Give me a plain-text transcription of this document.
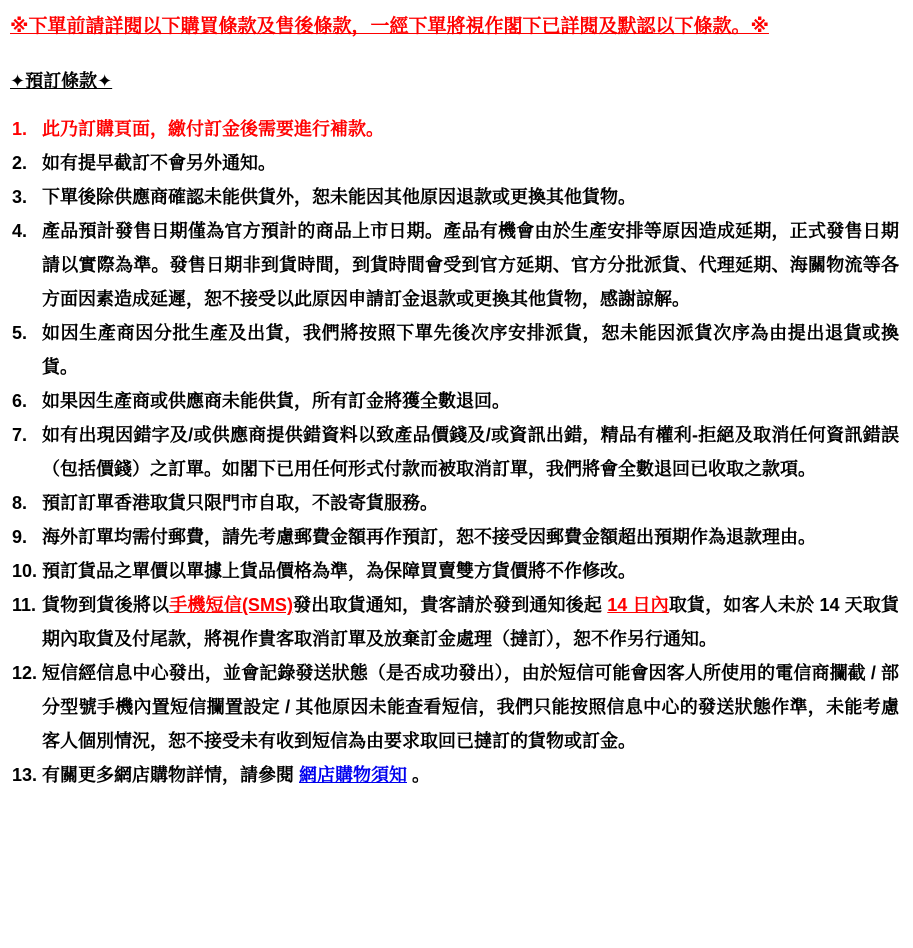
※下單前請詳閱以下購買條款及售後條款，一經下單將視作閣下已詳閱及默認以下條款。※
✦預訂條款✦
1. 此乃訂購頁面，繳付訂金後需要進行補款。
2. 如有提早截訂不會另外通知。
3. 下單後除供應商確認未能供貨外，恕未能因其他原因退款或更換其他貨物。
4. 產品預計發售日期僅為官方預計的商品上市日期。產品有機會由於生產安排等原因造成延期，正式發售日期請以實際為準。發售日期非到貨時間，到貨時間會受到官方延期、官方分批派貨、代理延期、海關物流等各方面因素造成延遲，恕不接受以此原因申請訂金退款或更換其他貨物，感謝諒解。
5. 如因生產商因分批生產及出貨，我們將按照下單先後次序安排派貨，恕未能因派貨次序為由提出退貨或換貨。
6. 如果因生產商或供應商未能供貨，所有訂金將獲全數退回。
7. 如有出現因錯字及/或供應商提供錯資料以致產品價錢及/或資訊出錯，精品有權利-拒絕及取消任何資訊錯誤（包括價錢）之訂單。如閣下已用任何形式付款而被取消訂單，我們將會全數退回已收取之款項。
8. 預訂訂單香港取貨只限門市自取，不設寄貨服務。
9. 海外訂單均需付郵費，請先考慮郵費金額再作預訂，恕不接受因郵費金額超出預期作為退款理由。
10. 預訂貨品之單價以單據上貨品價格為準，為保障買賣雙方貨價將不作修改。
11. 貨物到貨後將以手機短信(SMS)發出取貨通知，貴客請於發到通知後起 14 日內取貨，如客人未於 14 天取貨期內取貨及付尾款，將視作貴客取消訂單及放棄訂金處理（撻訂），恕不作另行通知。
12. 短信經信息中心發出，並會記錄發送狀態（是否成功發出），由於短信可能會因客人所使用的電信商攔截 / 部分型號手機內置短信攔置設定 / 其他原因未能查看短信，我們只能按照信息中心的發送狀態作準，未能考慮客人個別情況，恕不接受未有收到短信為由要求取回已撻訂的貨物或訂金。
13. 有關更多網店購物詳情，請參閱 網店購物須知 。
